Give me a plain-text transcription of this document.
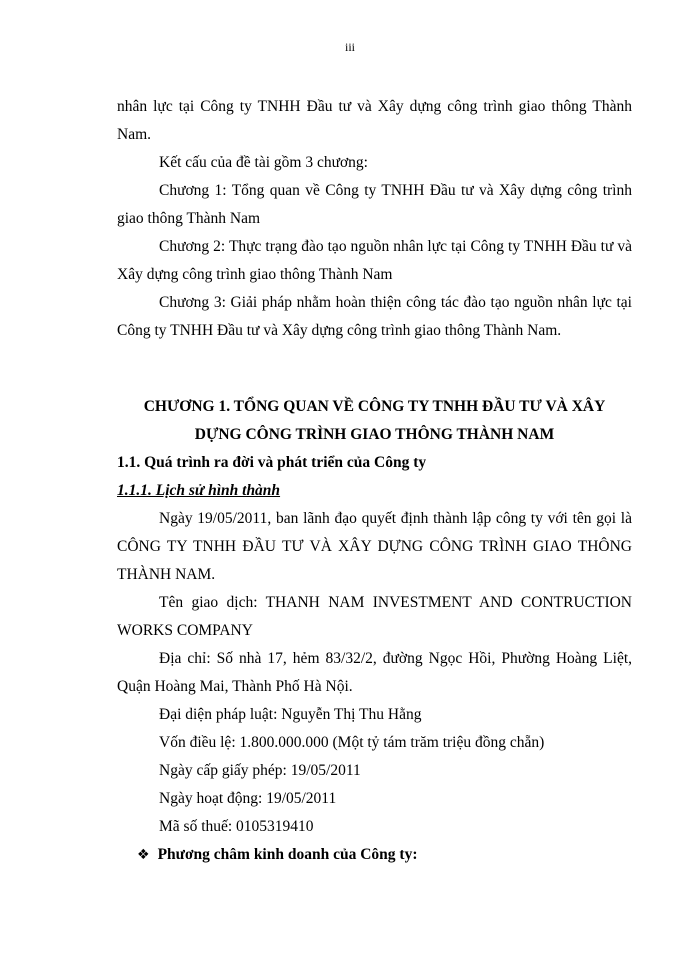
iii

nhân lực tại Công ty TNHH Đầu tư và Xây dựng công trình giao thông Thành Nam.

Kết cấu của đề tài gồm 3 chương:

Chương 1: Tổng quan về Công ty TNHH Đầu tư và Xây dựng công trình giao thông Thành Nam

Chương 2: Thực trạng đào tạo nguồn nhân lực tại Công ty TNHH Đầu tư và Xây dựng công trình giao thông Thành Nam

Chương 3: Giải pháp nhằm hoàn thiện công tác đào tạo nguồn nhân lực tại Công ty TNHH Đầu tư và Xây dựng công trình giao thông Thành Nam.

CHƯƠNG 1. TỔNG QUAN VỀ CÔNG TY TNHH ĐẦU TƯ VÀ XÂY
DỰNG CÔNG TRÌNH GIAO THÔNG THÀNH NAM

1.1. Quá trình ra đời và phát triển của Công ty

1.1.1. Lịch sử hình thành

Ngày 19/05/2011, ban lãnh đạo quyết định thành lập công ty với tên gọi là CÔNG TY TNHH ĐẦU TƯ VÀ XÂY DỰNG CÔNG TRÌNH GIAO THÔNG THÀNH NAM.

Tên giao dịch: THANH NAM INVESTMENT AND CONTRUCTION WORKS COMPANY

Địa chỉ: Số nhà 17, hẻm 83/32/2, đường Ngọc Hồi, Phường Hoàng Liệt, Quận Hoàng Mai, Thành Phố Hà Nội.

Đại diện pháp luật: Nguyễn Thị Thu Hằng

Vốn điều lệ: 1.800.000.000 (Một tỷ tám trăm triệu đồng chẵn)

Ngày cấp giấy phép: 19/05/2011

Ngày hoạt động: 19/05/2011

Mã số thuế: 0105319410

❖ Phương châm kinh doanh của Công ty:
